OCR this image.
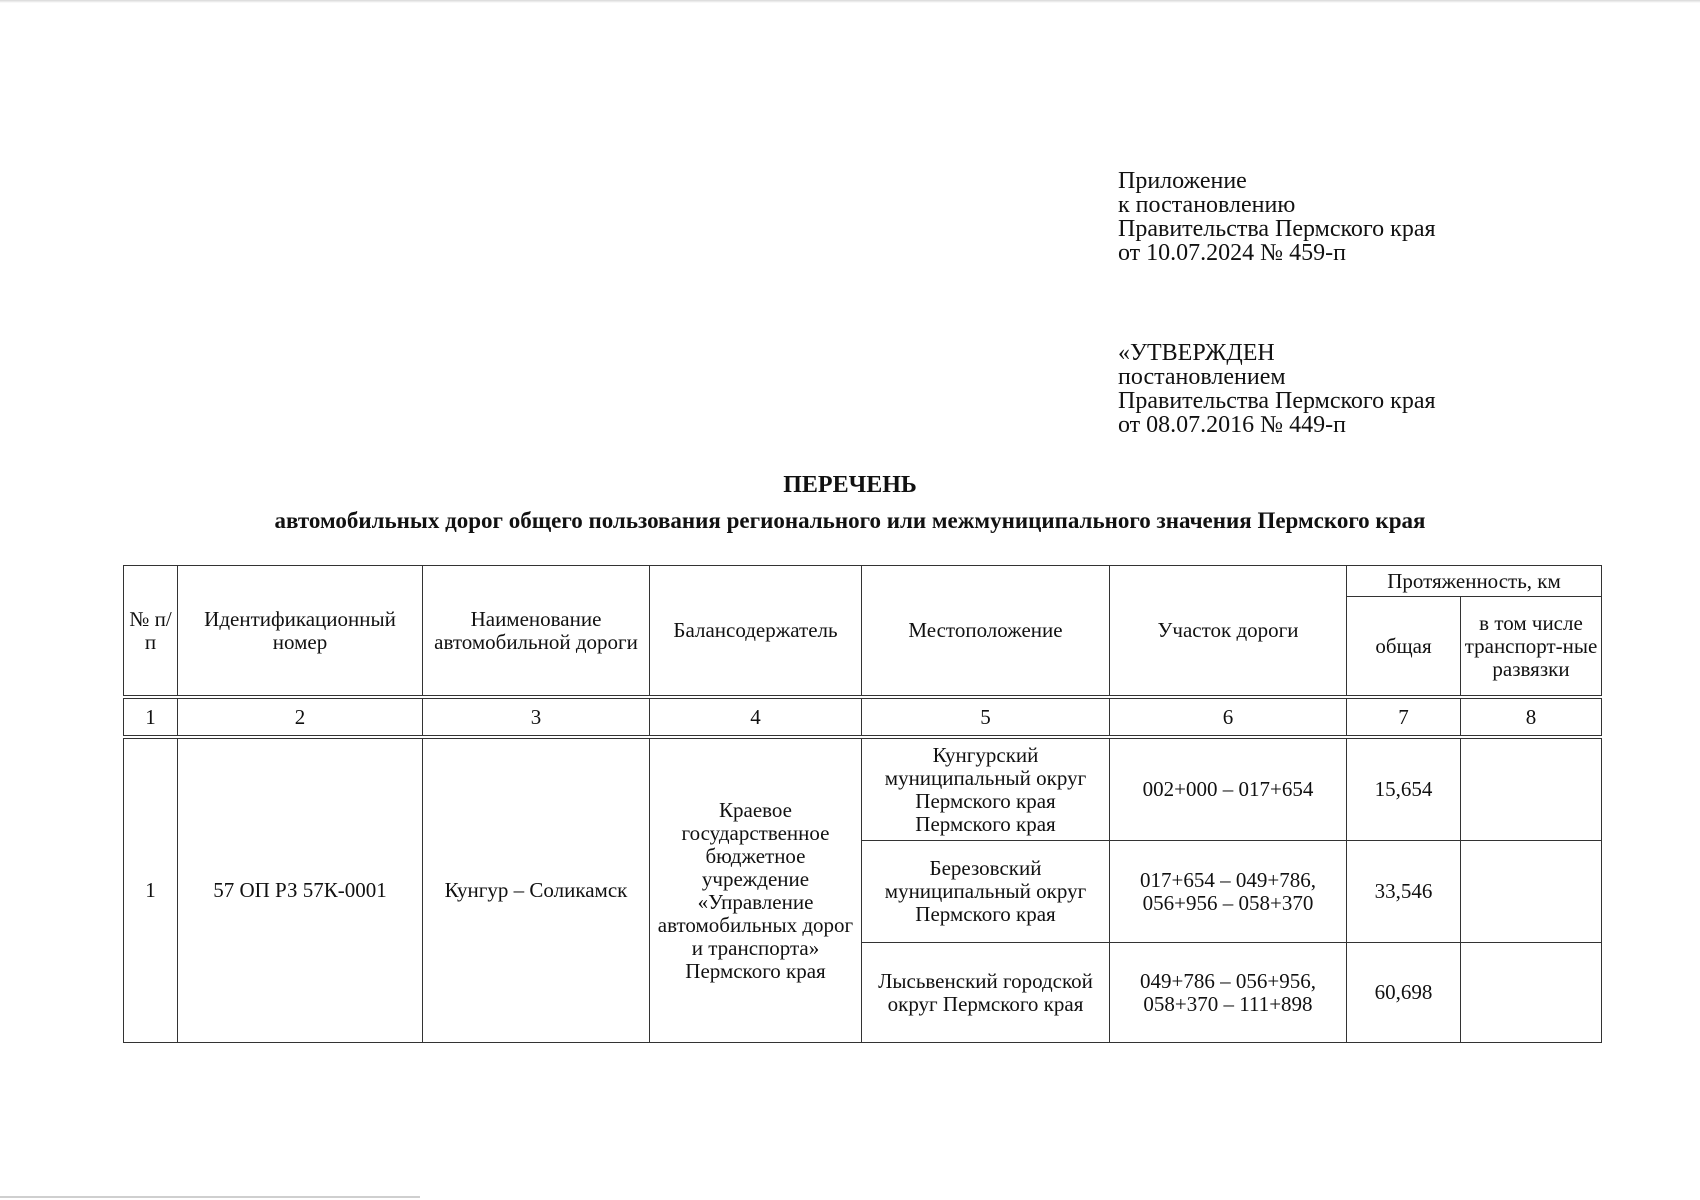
Приложение
к постановлению
Правительства Пермского края
от 10.07.2024 № 459-п
«УТВЕРЖДЕН
постановлением
Правительства Пермского края
от 08.07.2016 № 449-п
ПЕРЕЧЕНЬ
автомобильных дорог общего пользования регионального или межмуниципального значения Пермского края
№ п/п	Идентификационный номер	Наименование автомобильной дороги	Балансодержатель	Местоположение	Участок дороги	Протяженность, км	
						общая	в том числе транспорт-ные развязки
1	2	3	4	5	6	7	8
1	57 ОП РЗ 57К-0001	Кунгур – Соликамск	Краевое государственное бюджетное учреждение «Управление автомобильных дорог и транспорта» Пермского края	Кунгурский муниципальный округ Пермского края Пермского края	002+000 – 017+654	15,654	
				Березовский муниципальный округ Пермского края	017+654 – 049+786, 056+956 – 058+370	33,546	
				Лысьвенский городской округ Пермского края	049+786 – 056+956, 058+370 – 111+898	60,698	
